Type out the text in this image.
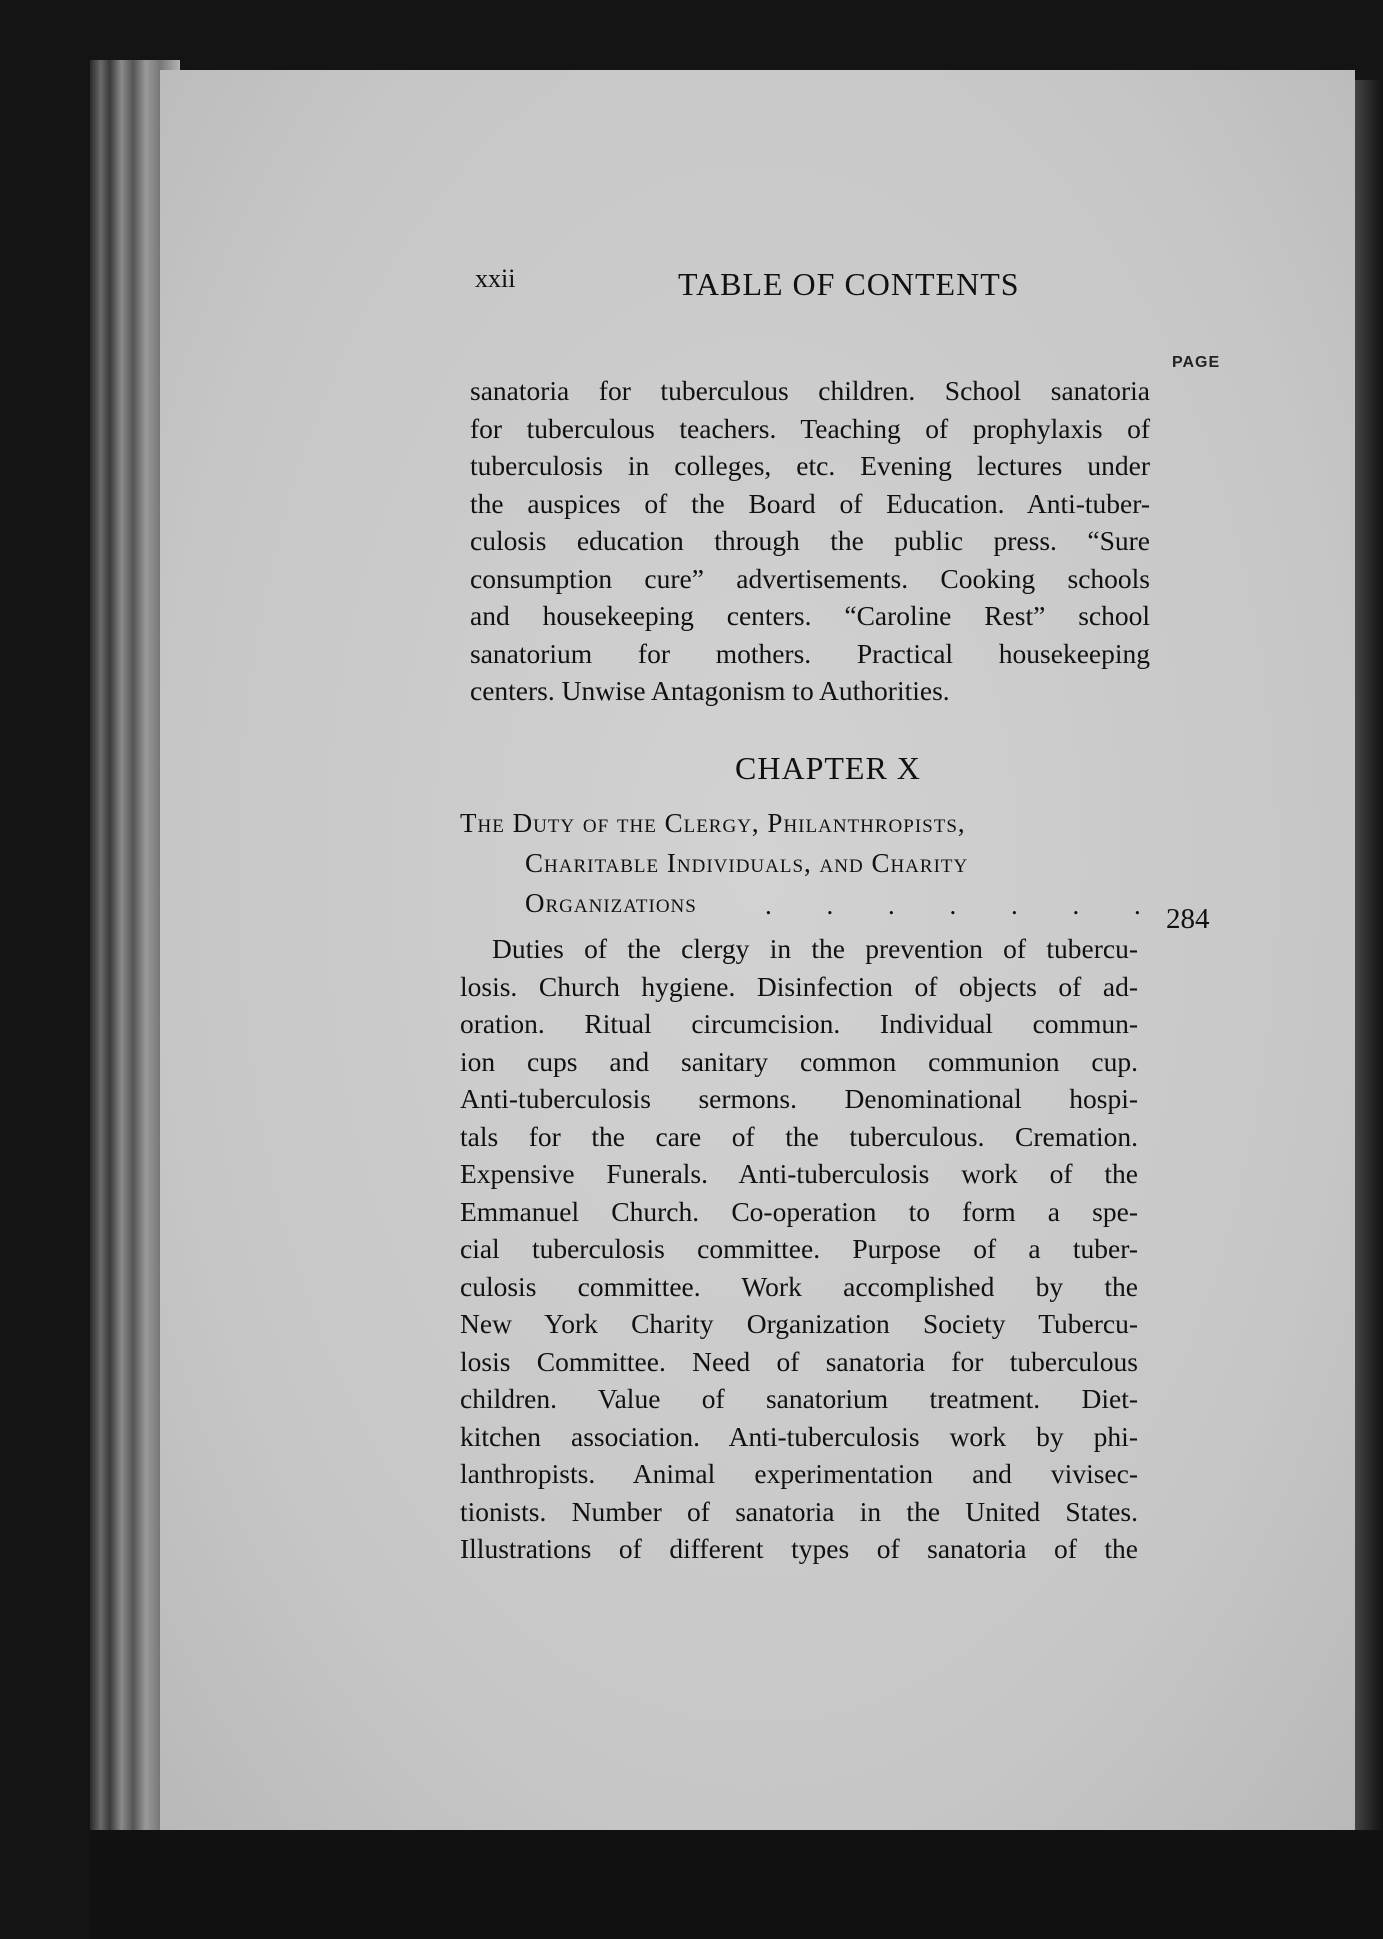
xxii	TABLE OF CONTENTS
PAGE
sanatoria for tuberculous children. School sanatoria
for tuberculous teachers. Teaching of prophylaxis of
tuberculosis in colleges, etc. Evening lectures under
the auspices of the Board of Education. Anti-tuber-
culosis education through the public press. “Sure
consumption cure” advertisements. Cooking schools
and housekeeping centers. “Caroline Rest” school
sanatorium for mothers. Practical housekeeping
centers. Unwise Antagonism to Authorities.
CHAPTER X
The Duty of the Clergy, Philanthropists,
Charitable Individuals, and Charity
Organizations	. . . . . . . 284
Duties of the clergy in the prevention of tubercu-
losis. Church hygiene. Disinfection of objects of ad-
oration. Ritual circumcision. Individual commun-
ion cups and sanitary common communion cup.
Anti-tuberculosis sermons. Denominational hospi-
tals for the care of the tuberculous. Cremation.
Expensive Funerals. Anti-tuberculosis work of the
Emmanuel Church. Co-operation to form a spe-
cial tuberculosis committee. Purpose of a tuber-
culosis committee. Work accomplished by the
New York Charity Organization Society Tubercu-
losis Committee. Need of sanatoria for tuberculous
children. Value of sanatorium treatment. Diet-
kitchen association. Anti-tuberculosis work by phi-
lanthropists. Animal experimentation and vivisec-
tionists. Number of sanatoria in the United States.
Illustrations of different types of sanatoria of the
